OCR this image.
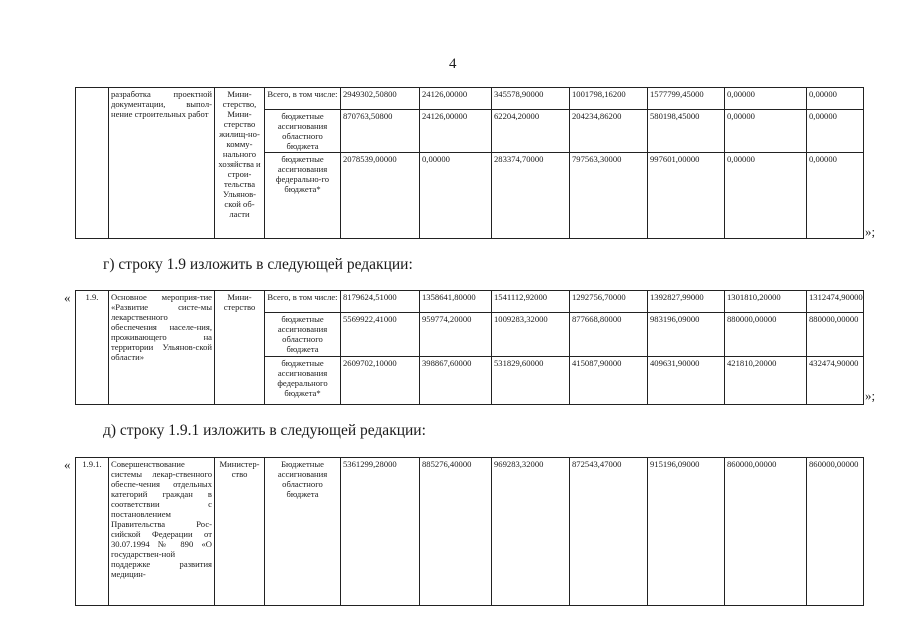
4
	разработка проектной документации, выпол-нение строительных работ	Мини-стерство, Мини-стерство жилищ-но-комму-нального хозяйства и строи-тельства Ульянов-ской об-ласти	Всего, в том числе:	2949302,50800	24126,00000	345578,90000	1001798,16200	1577799,45000	0,00000	0,00000
			бюджетные ассигнования областного бюджета	870763,50800	24126,00000	62204,20000	204234,86200	580198,45000	0,00000	0,00000
			бюджетные ассигнования федерально-го бюджета*	2078539,00000	0,00000	283374,70000	797563,30000	997601,00000	0,00000	0,00000
»;
г) строку 1.9 изложить в следующей редакции:
« 1.9.	Основное мероприя-тие «Развитие систе-мы лекарственного обеспечения населе-ния, проживающего на территории Ульянов-ской области»	Мини-стерство	Всего, в том числе:	8179624,51000	1358641,80000	1541112,92000	1292756,70000	1392827,99000	1301810,20000	1312474,90000
			бюджетные ассигнования областного бюджета	5569922,41000	959774,20000	1009283,32000	877668,80000	983196,09000	880000,00000	880000,00000
			бюджетные ассигнования федерального бюджета*	2609702,10000	398867,60000	531829,60000	415087,90000	409631,90000	421810,20000	432474,90000
»;
д) строку 1.9.1 изложить в следующей редакции:
« 1.9.1.	Совершенствование системы лекар-ственного обеспе-чения отдельных категорий граждан в соответствии с постановлением Правительства Рос-сийской Федерации от 30.07.1994 № 890 «О государствен-ной поддержке развития медицин-	Министер-ство	Бюджетные ассигнования областного бюджета	5361299,28000	885276,40000	969283,32000	872543,47000	915196,09000	860000,00000	860000,00000
